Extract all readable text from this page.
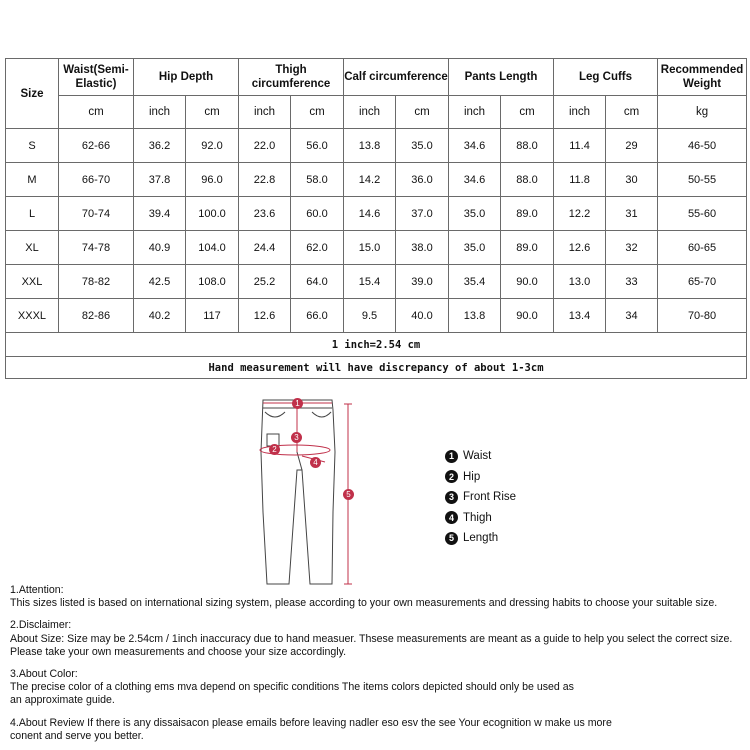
Size	Waist(Semi-Elastic)	Hip Depth		Thigh circumference		Calf circumference		Pants Length		Leg Cuffs		Recommended Weight
	cm	inch	cm	inch	cm	inch	cm	inch	cm	inch	cm	kg
S	62-66	36.2	92.0	22.0	56.0	13.8	35.0	34.6	88.0	11.4	29	46-50
M	66-70	37.8	96.0	22.8	58.0	14.2	36.0	34.6	88.0	11.8	30	50-55
L	70-74	39.4	100.0	23.6	60.0	14.6	37.0	35.0	89.0	12.2	31	55-60
XL	74-78	40.9	104.0	24.4	62.0	15.0	38.0	35.0	89.0	12.6	32	60-65
XXL	78-82	42.5	108.0	25.2	64.0	15.4	39.0	35.4	90.0	13.0	33	65-70
XXXL	82-86	40.2	117	12.6	66.0	9.5	40.0	13.8	90.0	13.4	34	70-80
1 inch=2.54 cm												
Hand measurement will have discrepancy of about 1-3cm												
1
2
3
4
5
1 Waist
2 Hip
3 Front Rise
4 Thigh
5 Length

1.Attention:

This sizes listed is based on international sizing system, please according to your own measurements and dressing habits to choose your suitable size.

2.Disclaimer:

About Size: Size may be 2.54cm / 1inch inaccuracy due to hand measuer. Thsese measurements are meant as a guide to help you select the correct size.

Please take your own measurements and choose your size accordingly.

3.About Color:

The precise color of a clothing ems mva depend on specific conditions The items colors depicted should only be used as

an approximate guide.

4.About Review If there is any dissaisacon please emails before leaving nadler eso esv the see Your ecognition w make us more

conent and serve you better.
